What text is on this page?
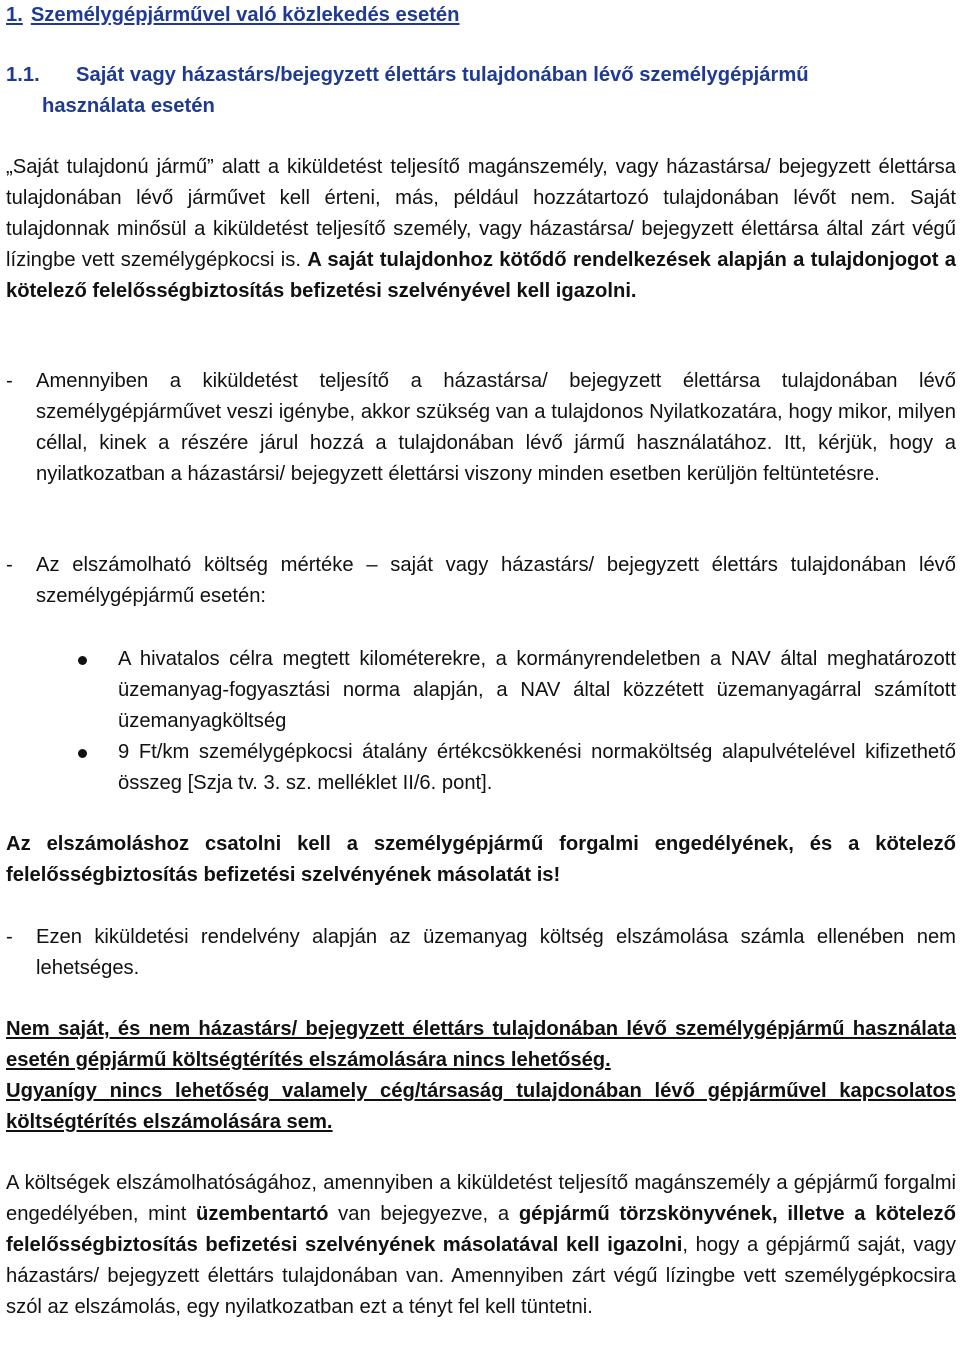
1. Személygépjárművel való közlekedés esetén

1.1. Saját vagy házastárs/bejegyzett élettárs tulajdonában lévő személygépjármű
használata esetén

„Saját tulajdonú jármű” alatt a kiküldetést teljesítő magánszemély, vagy házastársa/ bejegyzett élettársa tulajdonában lévő járművet kell érteni, más, például hozzátartozó tulajdonában lévőt nem. Saját tulajdonnak minősül a kiküldetést teljesítő személy, vagy házastársa/ bejegyzett élettársa által zárt végű lízingbe vett személygépkocsi is. A saját tulajdonhoz kötődő rendelkezések alapján a tulajdonjogot a kötelező felelősségbiztosítás befizetési szelvényével kell igazolni.

-	Amennyiben a kiküldetést teljesítő a házastársa/ bejegyzett élettársa tulajdonában lévő személygépjárművet veszi igénybe, akkor szükség van a tulajdonos Nyilatkozatára, hogy mikor, milyen céllal, kinek a részére járul hozzá a tulajdonában lévő jármű használatához. Itt, kérjük, hogy a nyilatkozatban a házastársi/ bejegyzett élettársi viszony minden esetben kerüljön feltüntetésre.
-	Az elszámolható költség mértéke – saját vagy házastárs/ bejegyzett élettárs tulajdonában lévő személygépjármű esetén:
A hivatalos célra megtett kilométerekre, a kormányrendeletben a NAV által meghatározott üzemanyag-fogyasztási norma alapján, a NAV által közzétett üzemanyagárral számított üzemanyagköltség
9 Ft/km személygépkocsi átalány értékcsökkenési normaköltség alapulvételével kifizethető összeg [Szja tv. 3. sz. melléklet II/6. pont].

Az elszámoláshoz csatolni kell a személygépjármű forgalmi engedélyének, és a kötelező felelősségbiztosítás befizetési szelvényének másolatát is!

-	Ezen kiküldetési rendelvény alapján az üzemanyag költség elszámolása számla ellenében nem lehetséges.

Nem saját, és nem házastárs/ bejegyzett élettárs tulajdonában lévő személygépjármű használata esetén gépjármű költségtérítés elszámolására nincs lehetőség.

Ugyanígy nincs lehetőség valamely cég/társaság tulajdonában lévő gépjárművel kapcsolatos költségtérítés elszámolására sem.

A költségek elszámolhatóságához, amennyiben a kiküldetést teljesítő magánszemély a gépjármű forgalmi engedélyében, mint üzembentartó van bejegyezve, a gépjármű törzskönyvének, illetve a kötelező felelősségbiztosítás befizetési szelvényének másolatával kell igazolni, hogy a gépjármű saját, vagy házastárs/ bejegyzett élettárs tulajdonában van. Amennyiben zárt végű lízingbe vett személygépkocsira szól az elszámolás, egy nyilatkozatban ezt a tényt fel kell tüntetni.
